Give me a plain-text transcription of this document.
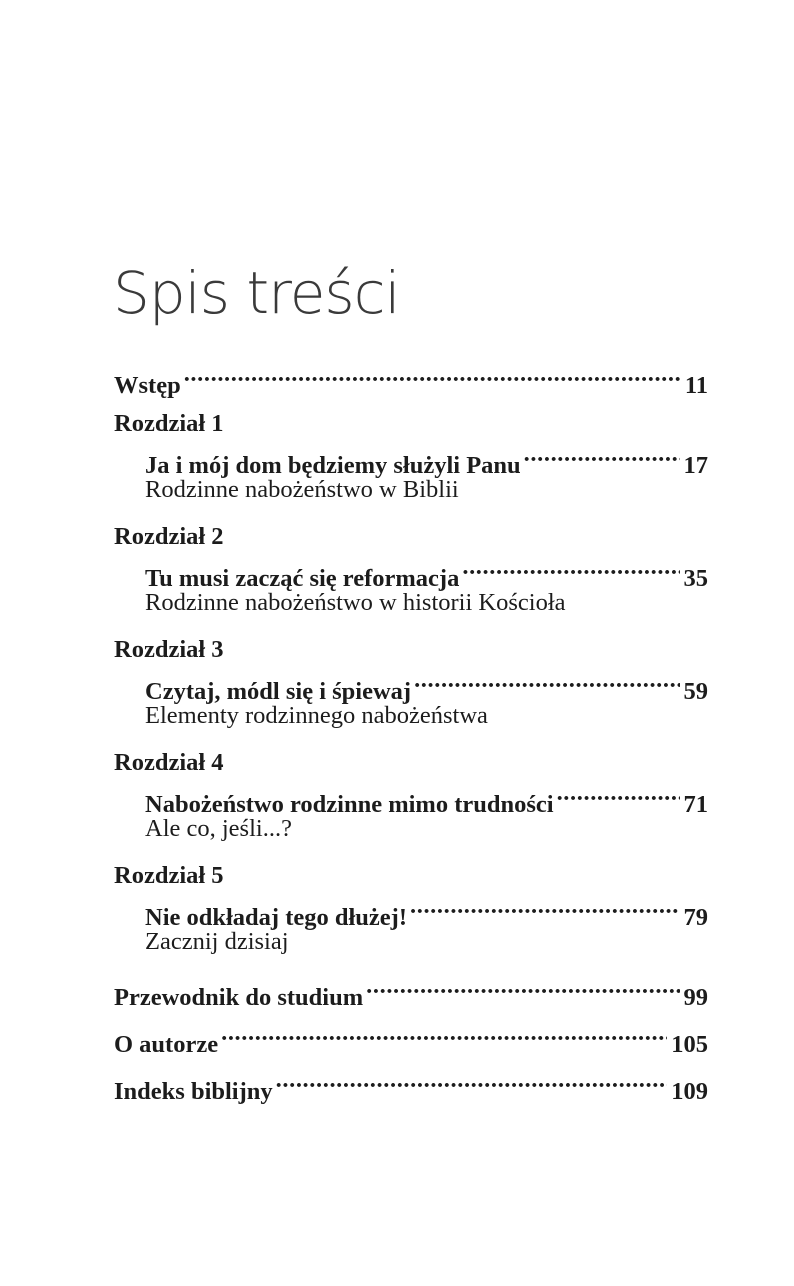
Spis treści
Wstęp .....	11
Rozdział 1
Ja i mój dom będziemy służyli Panu .....	17
Rodzinne nabożeństwo w Biblii
Rozdział 2
Tu musi zacząć się reformacja .....	35
Rodzinne nabożeństwo w historii Kościoła
Rozdział 3
Czytaj, módl się i śpiewaj .....	59
Elementy rodzinnego nabożeństwa
Rozdział 4
Nabożeństwo rodzinne mimo trudności .....	71
Ale co, jeśli...?
Rozdział 5
Nie odkładaj tego dłużej! .....	79
Zacznij dzisiaj
Przewodnik do studium .....	99
O autorze .....	105
Indeks biblijny .....	109
